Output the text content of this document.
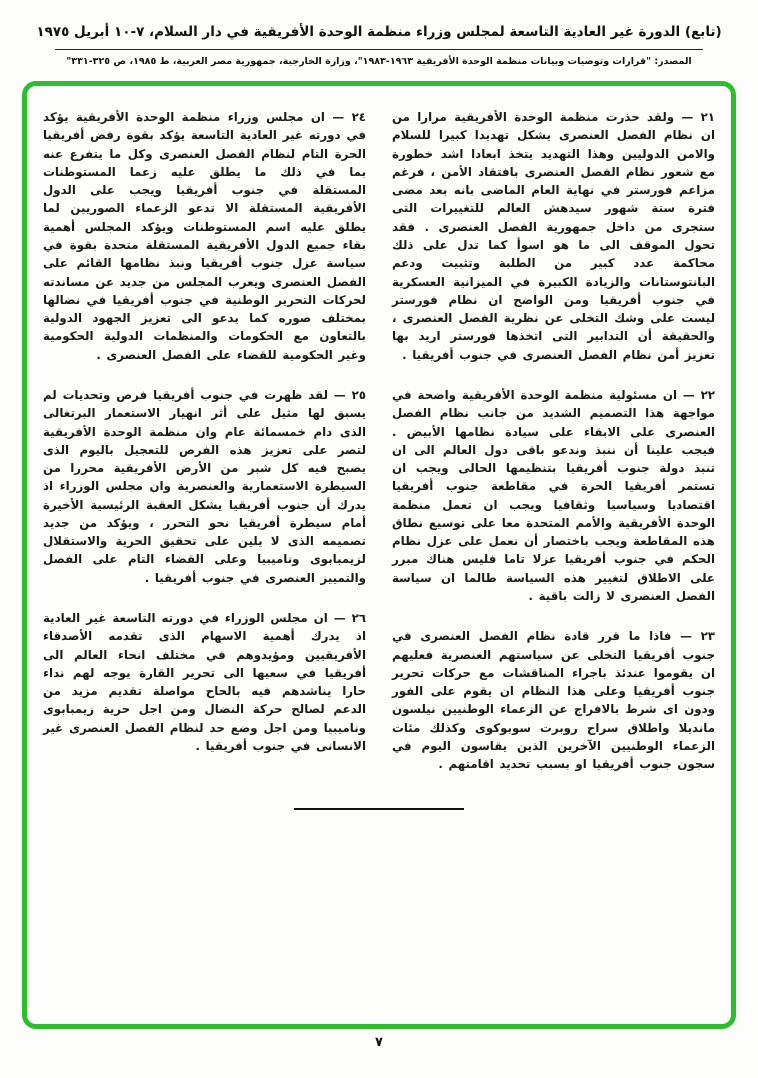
(تابع) الدورة غير العادية التاسعة لمجلس وزراء منظمة الوحدة الأفريقية في دار السلام، ٧-١٠ أبريل ١٩٧٥
المصدر: "قرارات وتوصيات وبيانات منظمة الوحدة الأفريقية ١٩٦٣-١٩٨٣"، وزارة الخارجية، جمهورية مصر العربية، ط ١٩٨٥، ص ٣٢٥-٣٣١"

٢١ — ولقد حذرت منظمة الوحدة الأفريقية مرارا من ان نظام الفصل العنصرى يشكل تهديدا كبيرا للسلام والامن الدوليين وهذا التهديد يتخذ ابعادا اشد خطورة مع شعور نظام الفصل العنصرى بافتقاد الأمن ، فرغم مزاعم فورستر في نهاية العام الماضى بانه بعد مضى فترة ستة شهور سيدهش العالم للتغييرات التى ستجرى من داخل جمهورية الفصل العنصرى . فقد تحول الموقف الى ما هو اسوأ كما تدل على ذلك محاكمة عدد كبير من الطلبة وتثبيت ودعم البانتوستانات والزيادة الكبيرة في الميزانية العسكرية في جنوب أفريقيا ومن الواضح ان نظام فورستر ليست على وشك التخلى عن نظرية الفصل العنصرى ، والحقيقة أن التدابير التى اتخذها فورستر اريد بها تعزيز أمن نظام الفصل العنصرى في جنوب أفريقيا .

٢٢ — ان مسئولية منظمة الوحدة الأفريقية واضحة في مواجهة هذا التصميم الشديد من جانب نظام الفصل العنصرى على الابقاء على سيادة نظامها الأبيض . فيجب علينا أن ننبذ وندعو باقى دول العالم الى ان تنبذ دولة جنوب أفريقيا بتنظيمها الحالى ويجب ان تستمر أفريقيا الحرة في مقاطعة جنوب أفريقيا اقتصاديا وسياسيا وثقافيا ويجب ان تعمل منظمة الوحدة الأفريقية والأمم المتحدة معا على توسيع نطاق هذه المقاطعة ويجب باختصار أن نعمل على عزل نظام الحكم في جنوب أفريقيا عزلا تاما فليس هناك مبرر على الاطلاق لتغيير هذه السياسة طالما ان سياسة الفصل العنصرى لا زالت باقية .

٢٣ — فاذا ما قرر قادة نظام الفصل العنصرى في جنوب أفريقيا التخلى عن سياستهم العنصرية فعليهم ان يقوموا عندئذ باجراء المناقشات مع حركات تحرير جنوب أفريقيا وعلى هذا النظام ان يقوم على الفور ودون اى شرط بالافراج عن الزعماء الوطنيين نيلسون مانديلا واطلاق سراح روبرت سوبوكوى وكذلك مئات الزعماء الوطنيين الآخرين الذين يقاسون اليوم في سجون جنوب أفريقيا او بسبب تحديد اقامتهم .

٢٤ — ان مجلس وزراء منظمة الوحدة الأفريقية يؤكد في دورته غير العادية التاسعة يؤكد بقوة رفض أفريقيا الحرة التام لنظام الفصل العنصرى وكل ما يتفرع عنه بما في ذلك ما يطلق عليه زعما المستوطنات المستقلة في جنوب أفريقيا ويجب على الدول الأفريقية المستقلة الا تدعو الزعماء الصوريين لما يطلق عليه اسم المستوطنات ويؤكد المجلس أهمية بقاء جميع الدول الأفريقية المستقلة متحدة بقوة في سياسة عزل جنوب أفريقيا ونبذ نظامها القائم على الفصل العنصرى ويعرب المجلس من جديد عن مساندته لحركات التحرير الوطنية في جنوب أفريقيا في نضالها بمختلف صوره كما يدعو الى تعزيز الجهود الدولية بالتعاون مع الحكومات والمنظمات الدولية الحكومية وغير الحكومية للقضاء على الفصل العنصرى .

٢٥ — لقد ظهرت في جنوب أفريقيا فرص وتحديات لم يسبق لها مثيل على أثر انهيار الاستعمار البرتغالى الذى دام خمسمائة عام وان منظمة الوحدة الأفريقية لتصر على تعزيز هذه الفرص للتعجيل باليوم الذى يصبح فيه كل شبر من الأرض الأفريقية محررا من السيطرة الاستعمارية والعنصرية وان مجلس الوزراء اذ يدرك أن جنوب أفريقيا يشكل العقبة الرئيسية الأخيرة أمام سيطرة أفريقيا نحو التحرر ، ويؤكد من جديد تصميمه الذى لا يلين على تحقيق الحرية والاستقلال لزيمبابوى وناميبيا وعلى القضاء التام على الفصل والتمييز العنصرى في جنوب أفريقيا .

٢٦ — ان مجلس الوزراء في دورته التاسعة غير العادية اذ يدرك أهمية الاسهام الذى تقدمه الأصدقاء الأفريقيين ومؤيدوهم في مختلف انحاء العالم الى أفريقيا في سعيها الى تحرير القارة يوجه لهم نداء حارا يناشدهم فيه بالحاح مواصلة تقديم مزيد من الدعم لصالح حركة النضال ومن اجل حرية زيمبابوى وناميبيا ومن اجل وضع حد لنظام الفصل العنصرى غير الانسانى في جنوب أفريقيا .

٧
